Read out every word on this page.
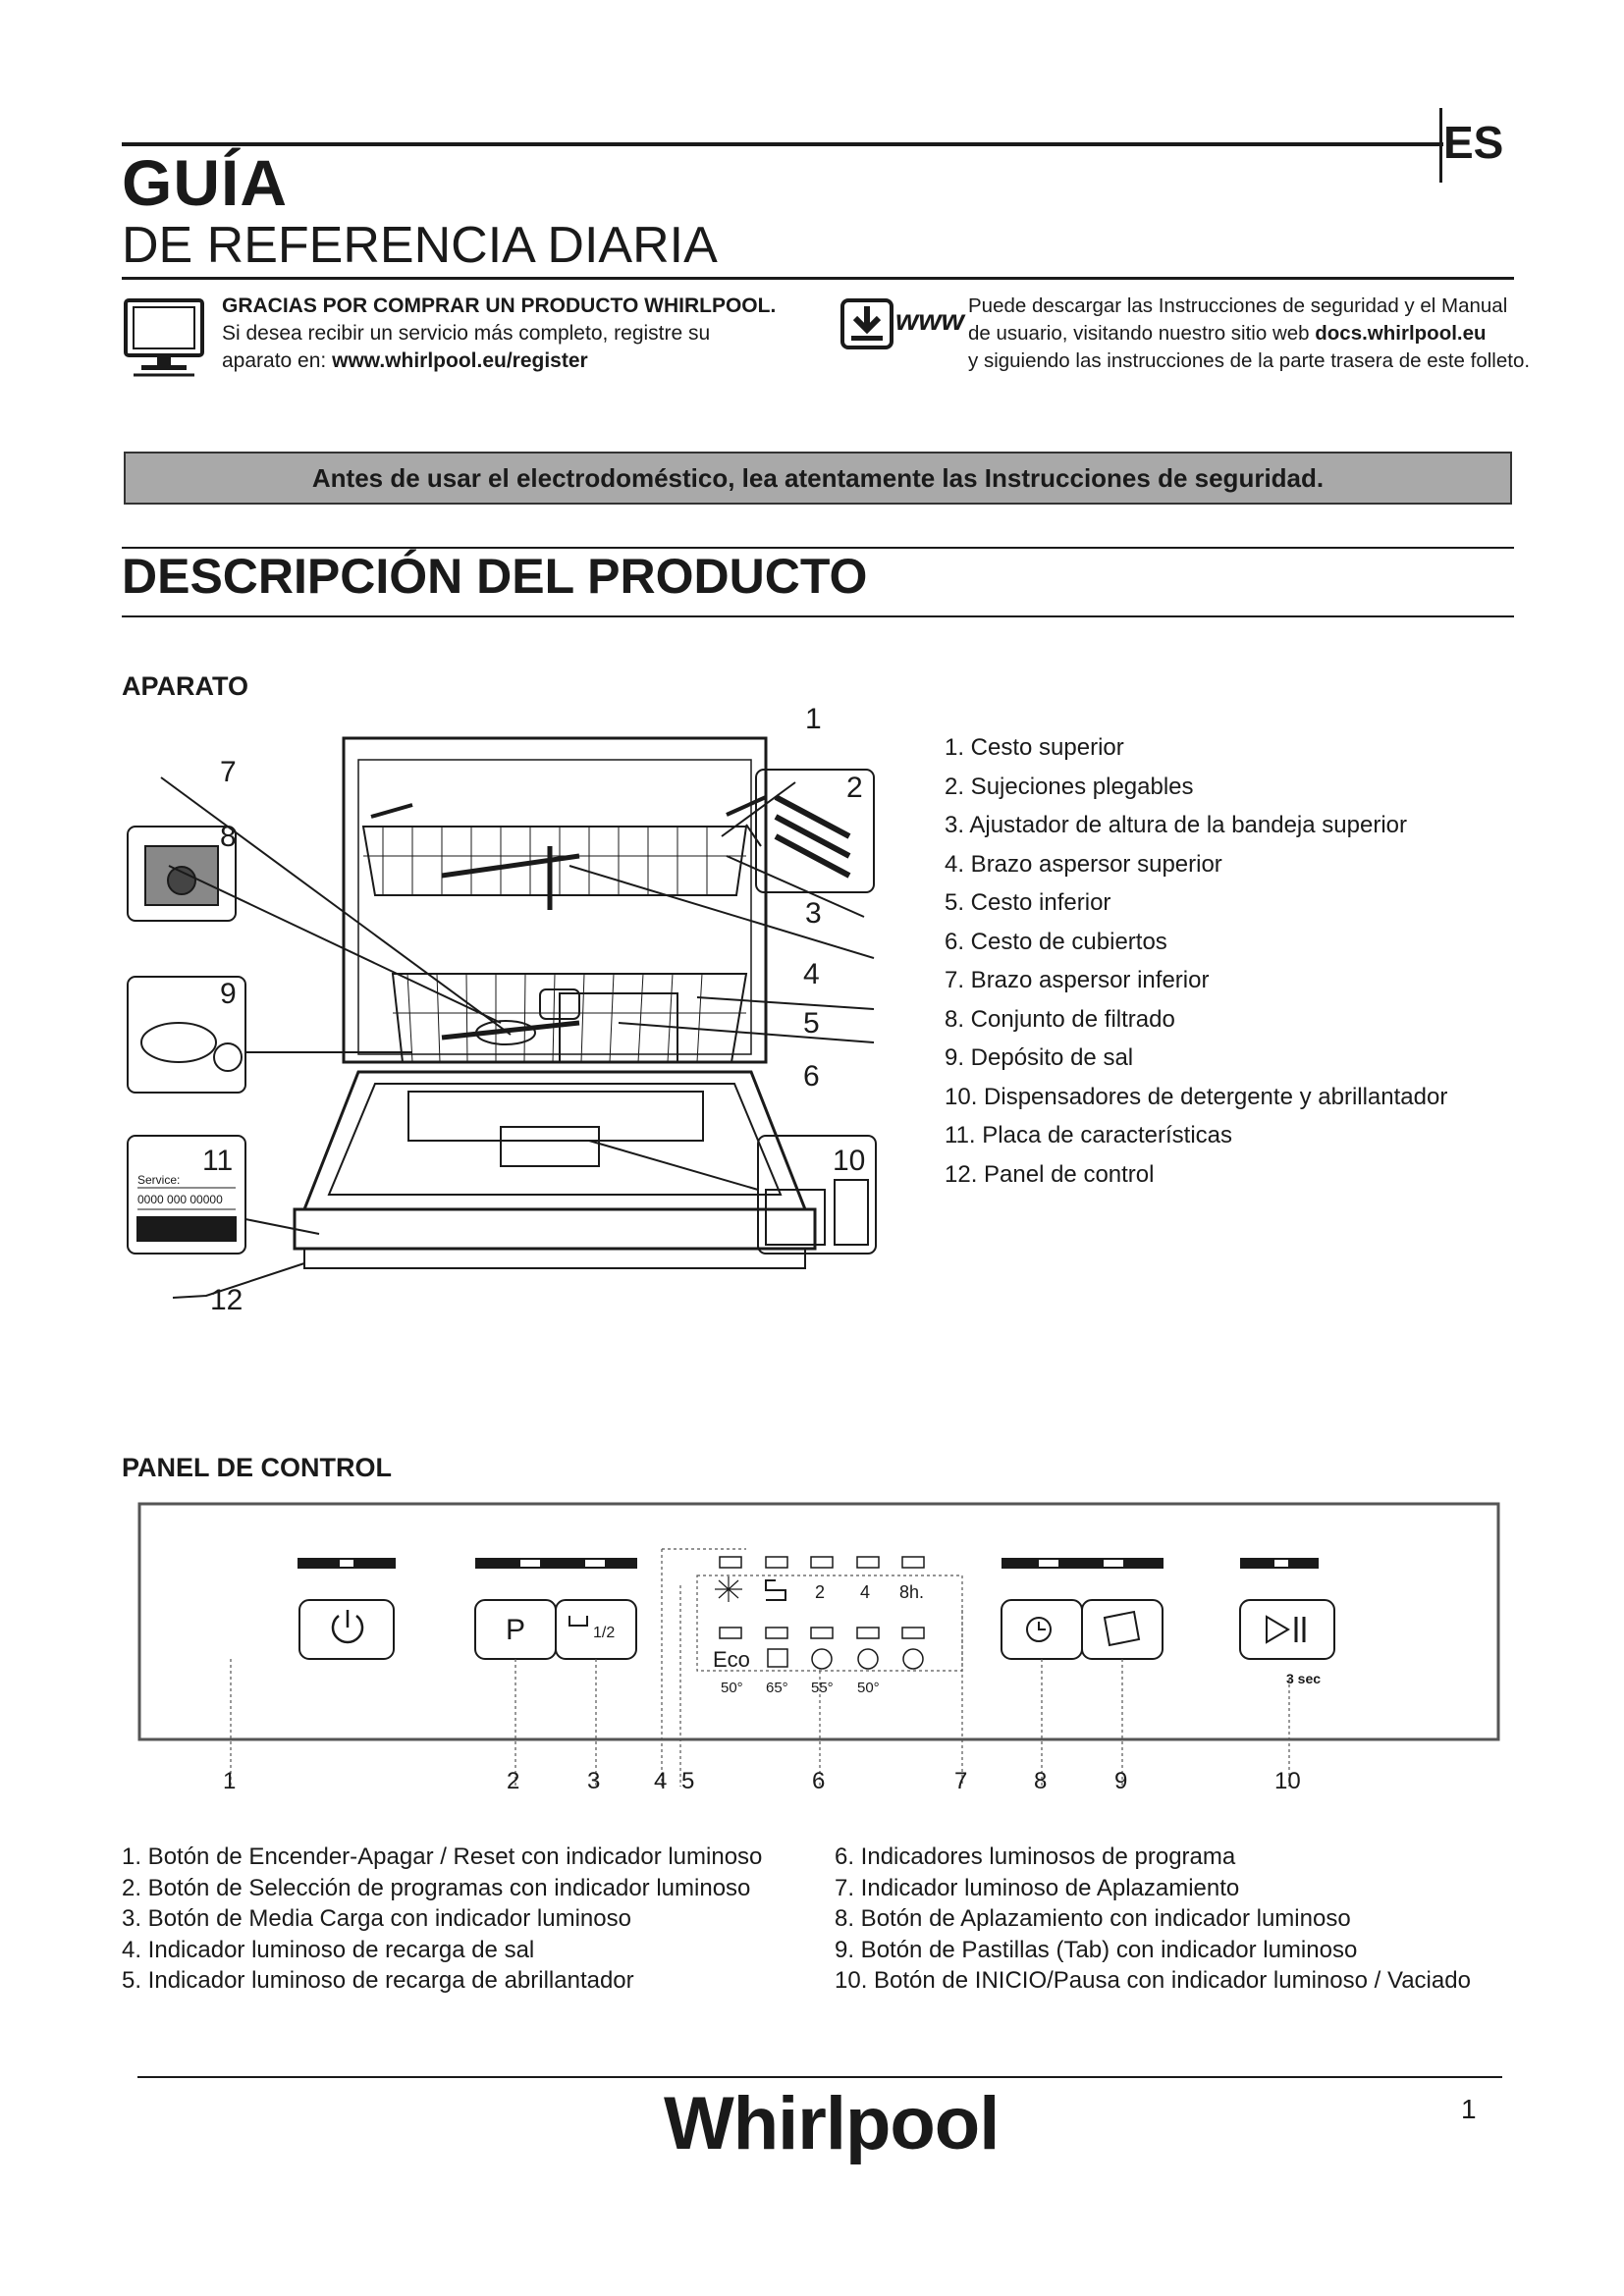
ES
GUÍA
DE REFERENCIA DIARIA
GRACIAS POR COMPRAR UN PRODUCTO WHIRLPOOL.
Si desea recibir un servicio más completo, registre su
aparato en: www.whirlpool.eu/register
www Puede descargar las Instrucciones de seguridad y el Manual
de usuario, visitando nuestro sitio web docs.whirlpool.eu
y siguiendo las instrucciones de la parte trasera de este folleto.
Antes de usar el electrodoméstico, lea atentamente las Instrucciones de seguridad.
DESCRIPCIÓN DEL PRODUCTO
APARATO
Service:
0000 000 00000
1
2
3
4
5
6
7
8
9
10
11
12
1. Cesto superior
2. Sujeciones plegables
3. Ajustador de altura de la bandeja superior
4. Brazo aspersor superior
5. Cesto inferior
6. Cesto de cubiertos
7. Brazo aspersor inferior
8. Conjunto de filtrado
9. Depósito de sal
10. Dispensadores de detergente y abrillantador
11. Placa de características
12. Panel de control
PANEL DE CONTROL
2 4 8h.
Eco
50° 65° 55° 50°
P	1/2
3 sec
1	2	3 4 5	6	7	8	9	10
1. Botón de Encender-Apagar / Reset con indicador luminoso
2. Botón de Selección de programas con indicador luminoso
3. Botón de Media Carga con indicador luminoso
4. Indicador luminoso de recarga de sal
5. Indicador luminoso de recarga de abrillantador
6. Indicadores luminosos de programa
7. Indicador luminoso de Aplazamiento
8. Botón de Aplazamiento con indicador luminoso
9. Botón de Pastillas (Tab) con indicador luminoso
10. Botón de INICIO/Pausa con indicador luminoso / Vaciado
Whirlpool	1
